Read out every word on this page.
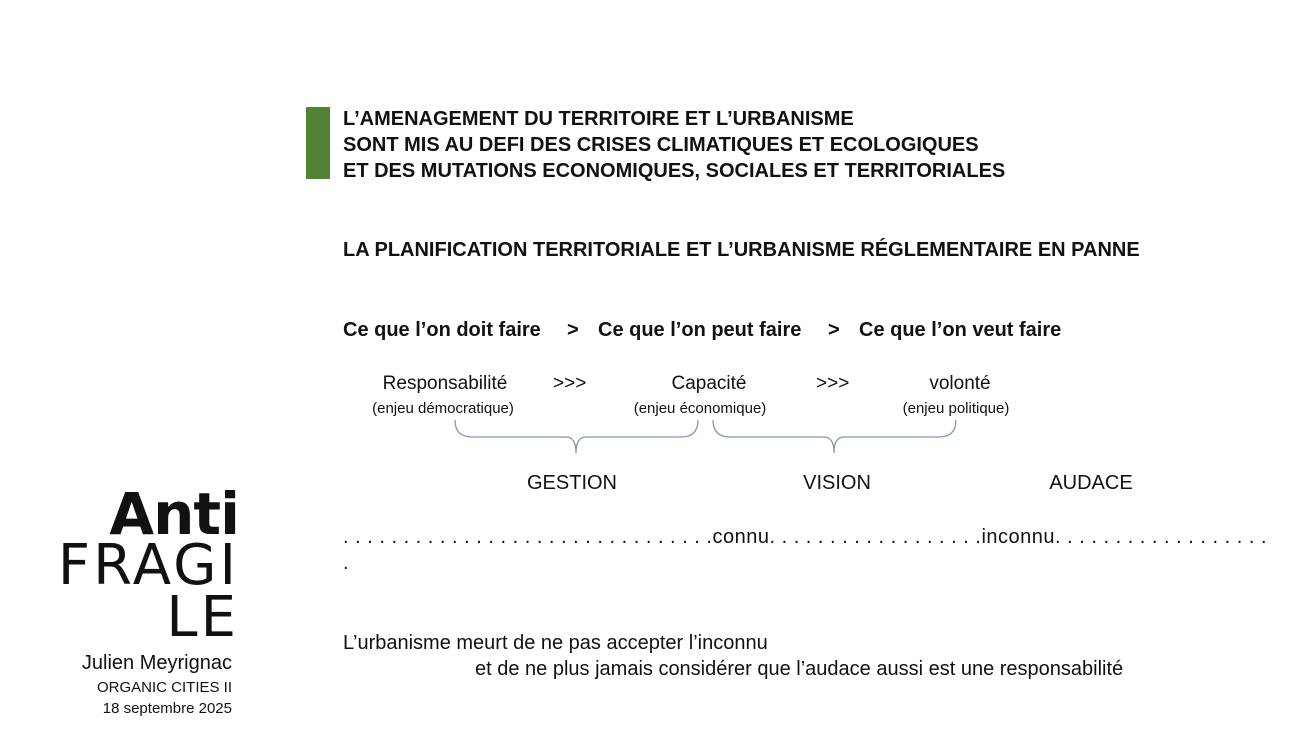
L’AMENAGEMENT DU TERRITOIRE ET L’URBANISME
SONT MIS AU DEFI DES CRISES CLIMATIQUES ET ECOLOGIQUES
ET DES MUTATIONS ECONOMIQUES, SOCIALES ET TERRITORIALES
LA PLANIFICATION TERRITORIALE ET L’URBANISME RÉGLEMENTAIRE EN PANNE
Ce que l’on doit faire > Ce que l’on peut faire > Ce que l’on veut faire
Responsabilité >>>	Capacité	>>>	volonté
(enjeu démocratique)	(enjeu économique)	(enjeu politique)
GESTION	VISION	AUDACE
. . . . . . . . . . . . . . . . . . . . . . . . . . . . . . .connu. . . . . . . . . . . . . . . . . .inconnu. . . . . . . . . . . . . . . . . .
.
L’urbanisme meurt de ne pas accepter l’inconnu
et de ne plus jamais considérer que l’audace aussi est une responsabilité
Anti
FRAGI
LE
Julien Meyrignac
ORGANIC CITIES II
18 septembre 2025
